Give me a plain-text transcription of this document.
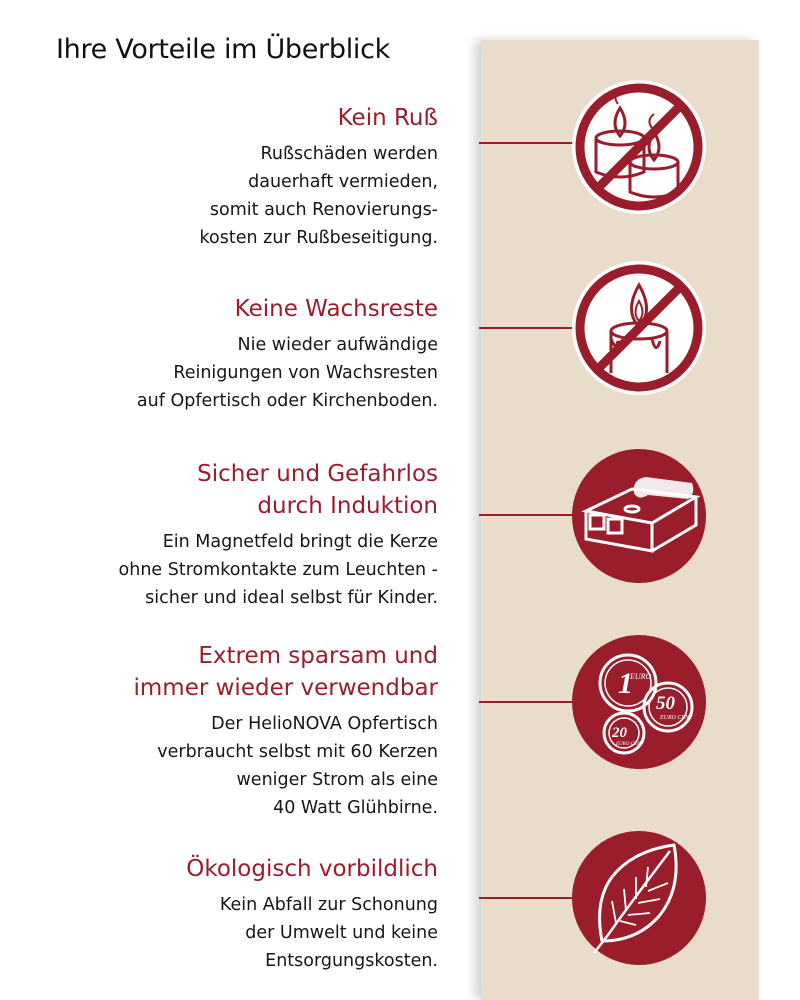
Ihre Vorteile im Überblick
Kein Ruß
Rußschäden werden
dauerhaft vermieden,
somit auch Renovierungs-
kosten zur Rußbeseitigung.
Keine Wachsreste
Nie wieder aufwändige
Reinigungen von Wachsresten
auf Opfertisch oder Kirchenboden.
Sicher und Gefahrlos
durch Induktion
Ein Magnetfeld bringt die Kerze
ohne Stromkontakte zum Leuchten -
sicher und ideal selbst für Kinder.
Extrem sparsam und
immer wieder verwendbar
Der HelioNOVA Opfertisch
verbraucht selbst mit 60 Kerzen
weniger Strom als eine
40 Watt Glühbirne.
1
EURO
50
EURO CENT
20
EURO CENT
Ökologisch vorbildlich
Kein Abfall zur Schonung
der Umwelt und keine
Entsorgungskosten.
